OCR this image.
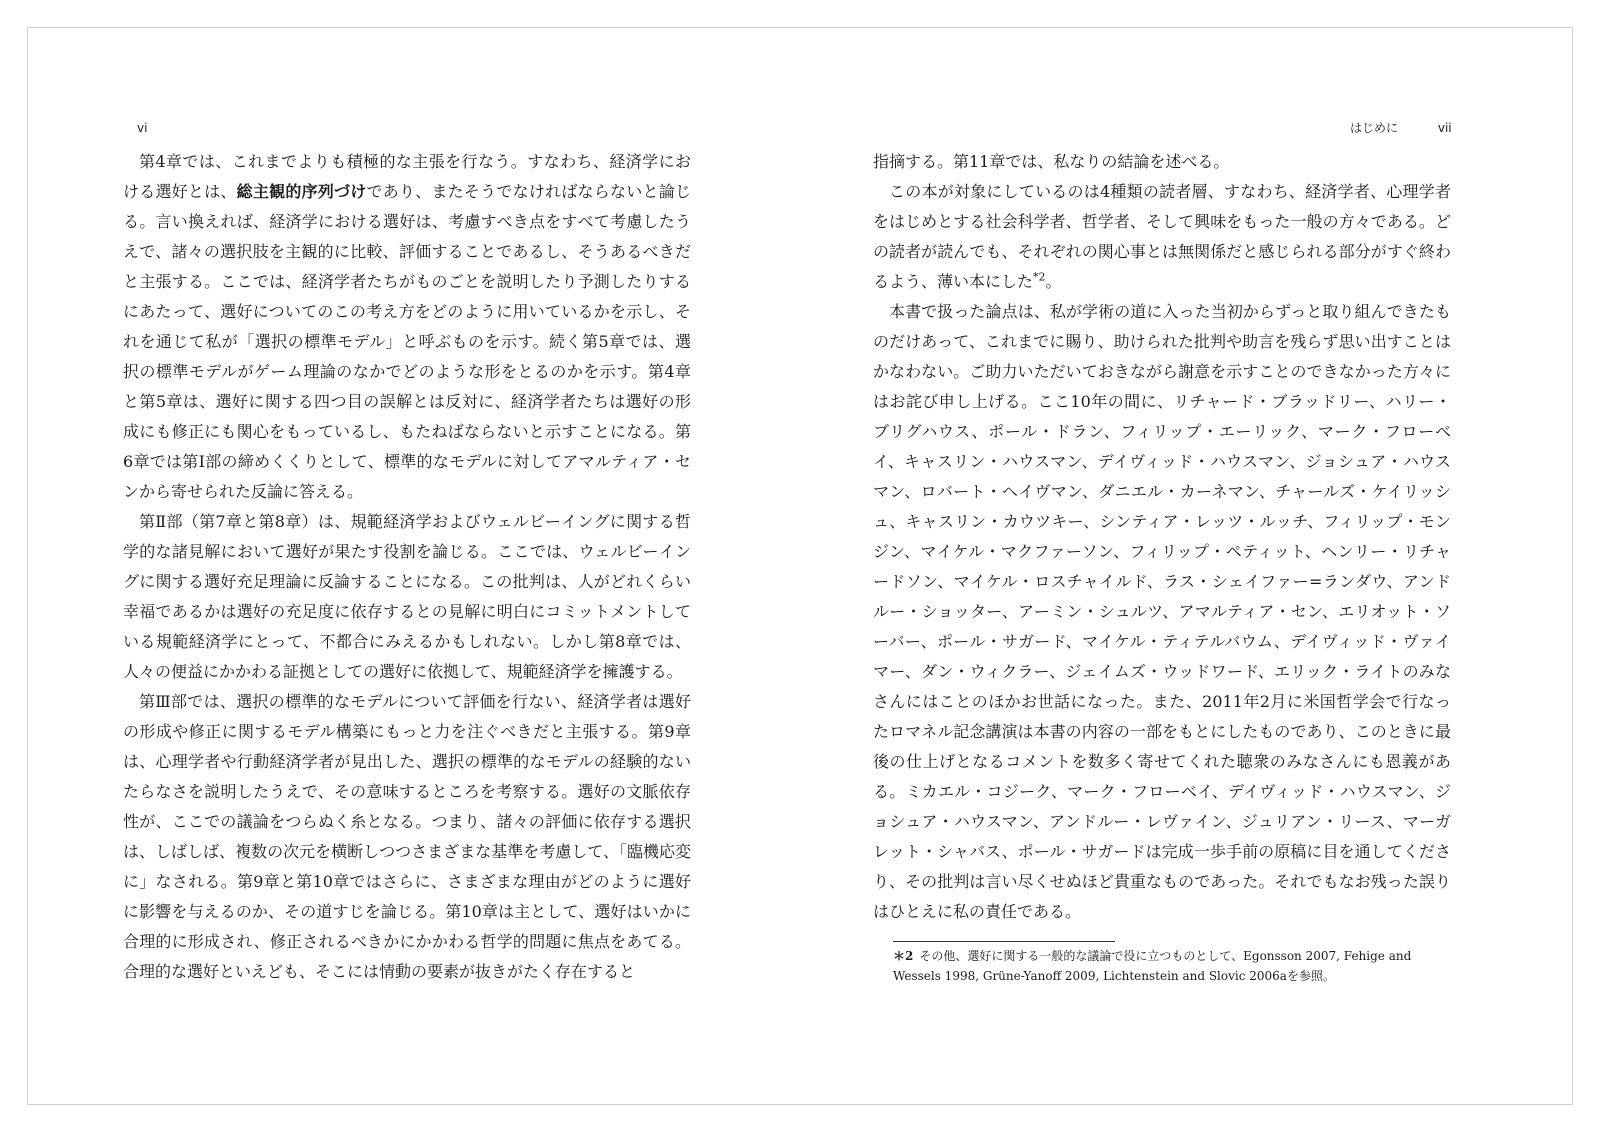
vi

第4章では、これまでよりも積極的な主張を行なう。すなわち、経済学における選好とは、総主観的序列づけであり、またそうでなければならないと論じる。言い換えれば、経済学における選好は、考慮すべき点をすべて考慮したうえで、諸々の選択肢を主観的に比較、評価することであるし、そうあるべきだと主張する。ここでは、経済学者たちがものごとを説明したり予測したりするにあたって、選好についてのこの考え方をどのように用いているかを示し、それを通じて私が「選択の標準モデル」と呼ぶものを示す。続く第5章では、選択の標準モデルがゲーム理論のなかでどのような形をとるのかを示す。第4章と第5章は、選好に関する四つ目の誤解とは反対に、経済学者たちは選好の形成にも修正にも関心をもっているし、もたねばならないと示すことになる。第6章では第Ⅰ部の締めくくりとして、標準的なモデルに対してアマルティア・センから寄せられた反論に答える。

第Ⅱ部（第7章と第8章）は、規範経済学およびウェルビーイングに関する哲学的な諸見解において選好が果たす役割を論じる。ここでは、ウェルビーイングに関する選好充足理論に反論することになる。この批判は、人がどれくらい幸福であるかは選好の充足度に依存するとの見解に明白にコミットメントしている規範経済学にとって、不都合にみえるかもしれない。しかし第8章では、人々の便益にかかわる証拠としての選好に依拠して、規範経済学を擁護する。

第Ⅲ部では、選択の標準的なモデルについて評価を行ない、経済学者は選好の形成や修正に関するモデル構築にもっと力を注ぐべきだと主張する。第9章は、心理学者や行動経済学者が見出した、選択の標準的なモデルの経験的ないたらなさを説明したうえで、その意味するところを考察する。選好の文脈依存性が、ここでの議論をつらぬく糸となる。つまり、諸々の評価に依存する選択は、しばしば、複数の次元を横断しつつさまざまな基準を考慮して、「臨機応変に」なされる。第9章と第10章ではさらに、さまざまな理由がどのように選好に影響を与えるのか、その道すじを論じる。第10章は主として、選好はいかに合理的に形成され、修正されるべきかにかかわる哲学的問題に焦点をあてる。合理的な選好といえども、そこには情動の要素が抜きがたく存在すると

はじめに	vii

指摘する。第11章では、私なりの結論を述べる。

この本が対象にしているのは4種類の読者層、すなわち、経済学者、心理学者をはじめとする社会科学者、哲学者、そして興味をもった一般の方々である。どの読者が読んでも、それぞれの関心事とは無関係だと感じられる部分がすぐ終わるよう、薄い本にした$^{*2}$。

本書で扱った論点は、私が学術の道に入った当初からずっと取り組んできたものだけあって、これまでに賜り、助けられた批判や助言を残らず思い出すことはかなわない。ご助力いただいておきながら謝意を示すことのできなかった方々にはお詫び申し上げる。ここ10年の間に、リチャード・ブラッドリー、ハリー・ブリグハウス、ポール・ドラン、フィリップ・エーリック、マーク・フローベイ、キャスリン・ハウスマン、デイヴィッド・ハウスマン、ジョシュア・ハウスマン、ロバート・ヘイヴマン、ダニエル・カーネマン、チャールズ・ケイリッシュ、キャスリン・カウツキー、シンティア・レッツ・ルッチ、フィリップ・モンジン、マイケル・マクファーソン、フィリップ・ペティット、ヘンリー・リチャードソン、マイケル・ロスチャイルド、ラス・シェイファー=ランダウ、アンドルー・ショッター、アーミン・シュルツ、アマルティア・セン、エリオット・ソーバー、ポール・サガード、マイケル・ティテルバウム、デイヴィッド・ヴァイマー、ダン・ウィクラー、ジェイムズ・ウッドワード、エリック・ライトのみなさんにはことのほかお世話になった。また、2011年2月に米国哲学会で行なったロマネル記念講演は本書の内容の一部をもとにしたものであり、このときに最後の仕上げとなるコメントを数多く寄せてくれた聴衆のみなさんにも恩義がある。ミカエル・コジーク、マーク・フローベイ、デイヴィッド・ハウスマン、ジョシュア・ハウスマン、アンドルー・レヴァイン、ジュリアン・リース、マーガレット・シャバス、ポール・サガードは完成一歩手前の原稿に目を通してくださり、その批判は言い尽くせぬほど貴重なものであった。それでもなお残った誤りはひとえに私の責任である。

＊2 その他、選好に関する一般的な議論で役に立つものとして、Egonsson 2007, Fehige and Wessels 1998, Grüne-Yanoff 2009, Lichtenstein and Slovic 2006aを参照。
